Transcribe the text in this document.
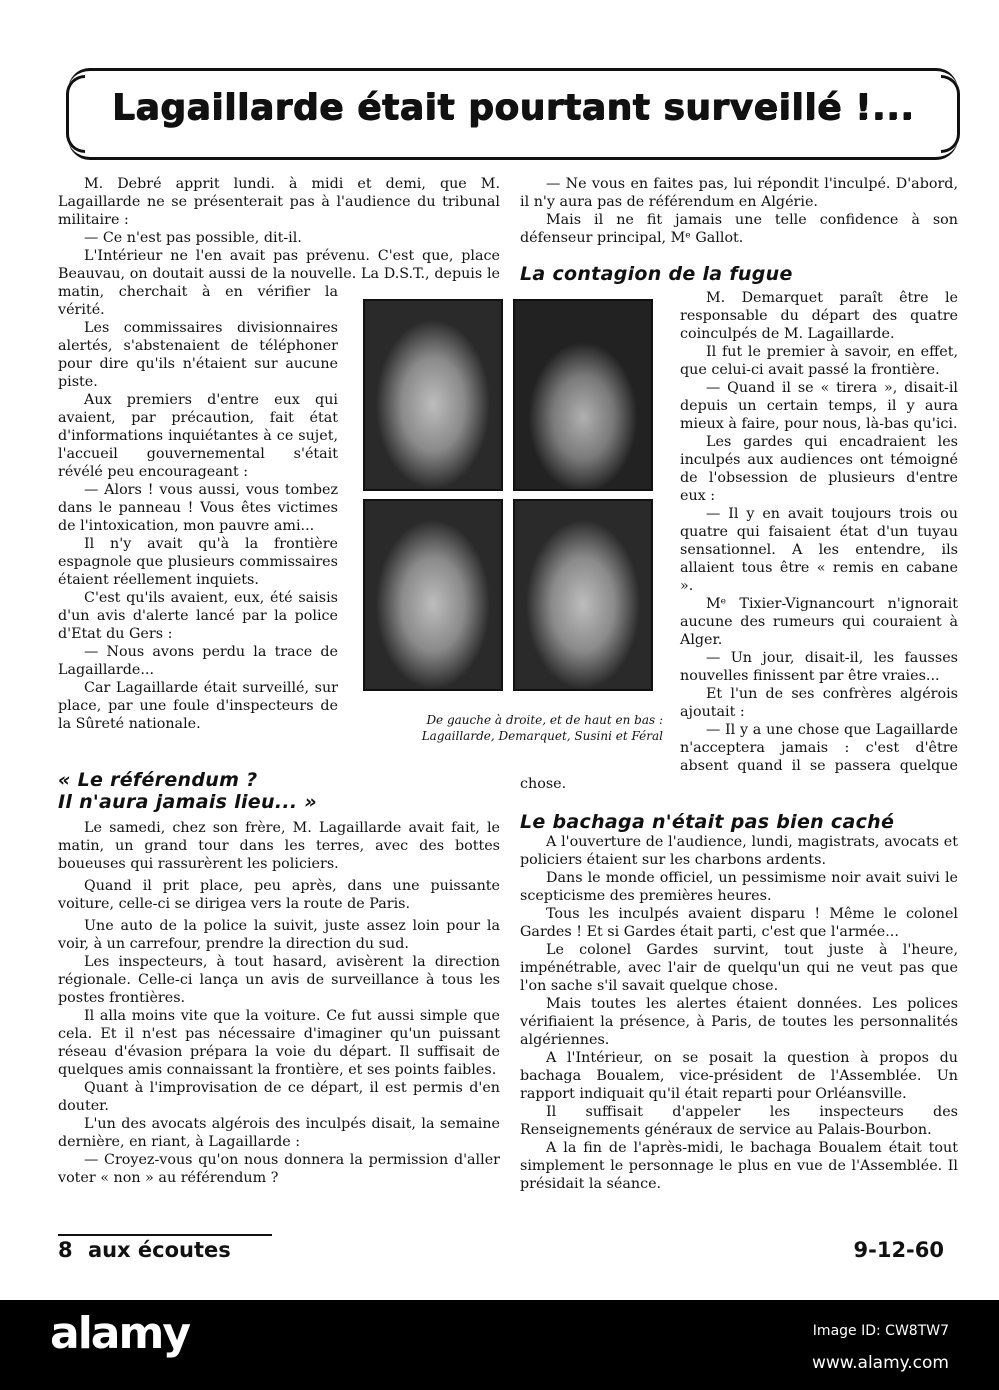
Lagaillarde était pourtant surveillé !...

M. Debré apprit lundi. à midi et demi, que M. Lagaillarde ne se présenterait pas à l'audience du tribunal militaire :

— Ce n'est pas possible, dit-il.

L'Intérieur ne l'en avait pas prévenu. C'est que, place Beauvau, on doutait aussi de la nouvelle. La D.S.T., depuis le matin, cherchait à en vérifier la vérité.

Les commissaires divisionnaires alertés, s'abstenaient de téléphoner pour dire qu'ils n'étaient sur aucune piste.

Aux premiers d'entre eux qui avaient, par précaution, fait état d'informations inquiétantes à ce sujet, l'accueil gouvernemental s'était révélé peu encourageant :

— Alors ! vous aussi, vous tombez dans le panneau ! Vous êtes victimes de l'intoxication, mon pauvre ami...

Il n'y avait qu'à la frontière espagnole que plusieurs commissaires étaient réellement inquiets.

C'est qu'ils avaient, eux, été saisis d'un avis d'alerte lancé par la police d'Etat du Gers :

— Nous avons perdu la trace de Lagaillarde...

Car Lagaillarde était surveillé, sur place, par une foule d'inspecteurs de la Sûreté nationale.

« Le référendum ?
Il n'aura jamais lieu... »

Le samedi, chez son frère, M. Lagaillarde avait fait, le matin, un grand tour dans les terres, avec des bottes boueuses qui rassurèrent les policiers.

Quand il prit place, peu après, dans une puissante voiture, celle-ci se dirigea vers la route de Paris.

Une auto de la police la suivit, juste assez loin pour la voir, à un carrefour, prendre la direction du sud.

Les inspecteurs, à tout hasard, avisèrent la direction régionale. Celle-ci lança un avis de surveillance à tous les postes frontières.

Il alla moins vite que la voiture. Ce fut aussi simple que cela. Et il n'est pas nécessaire d'imaginer qu'un puissant réseau d'évasion prépara la voie du départ. Il suffisait de quelques amis connaissant la frontière, et ses points faibles.

Quant à l'improvisation de ce départ, il est permis d'en douter.

L'un des avocats algérois des inculpés disait, la semaine dernière, en riant, à Lagaillarde :

— Croyez-vous qu'on nous donnera la permission d'aller voter « non » au référendum ?

— Ne vous en faites pas, lui répondit l'inculpé. D'abord, il n'y aura pas de référendum en Algérie.

Mais il ne fit jamais une telle confidence à son défenseur principal, Mᵉ Gallot.

La contagion de la fugue

M. Demarquet paraît être le responsable du départ des quatre coinculpés de M. Lagaillarde.

Il fut le premier à savoir, en effet, que celui-ci avait passé la frontière.

— Quand il se « tirera », disait-il depuis un certain temps, il y aura mieux à faire, pour nous, là-bas qu'ici.

Les gardes qui encadraient les inculpés aux audiences ont témoigné de l'obsession de plusieurs d'entre eux :

— Il y en avait toujours trois ou quatre qui faisaient état d'un tuyau sensationnel. A les entendre, ils allaient tous être « remis en cabane ».

Mᵉ Tixier-Vignancourt n'ignorait aucune des rumeurs qui couraient à Alger.

— Un jour, disait-il, les fausses nouvelles finissent par être vraies...

Et l'un de ses confrères algérois ajoutait :

— Il y a une chose que Lagaillarde n'acceptera jamais : c'est d'être absent quand il se passera quelque chose.

Le bachaga n'était pas bien caché

A l'ouverture de l'audience, lundi, magistrats, avocats et policiers étaient sur les charbons ardents.

Dans le monde officiel, un pessimisme noir avait suivi le scepticisme des premières heures.

Tous les inculpés avaient disparu ! Même le colonel Gardes ! Et si Gardes était parti, c'est que l'armée...

Le colonel Gardes survint, tout juste à l'heure, impénétrable, avec l'air de quelqu'un qui ne veut pas que l'on sache s'il savait quelque chose.

Mais toutes les alertes étaient données. Les polices vérifiaient la présence, à Paris, de toutes les personnalités algériennes.

A l'Intérieur, on se posait la question à propos du bachaga Boualem, vice-président de l'Assemblée. Un rapport indiquait qu'il était reparti pour Orléansville.

Il suffisait d'appeler les inspecteurs des Renseignements généraux de service au Palais-Bourbon.

A la fin de l'après-midi, le bachaga Boualem était tout simplement le personnage le plus en vue de l'Assemblée. Il présidait la séance.

De gauche à droite, et de haut en bas :
Lagaillarde, Demarquet, Susini et Féral
8 aux écoutes	9-12-60
alamy	Image ID: CW8TW7
www.alamy.com
